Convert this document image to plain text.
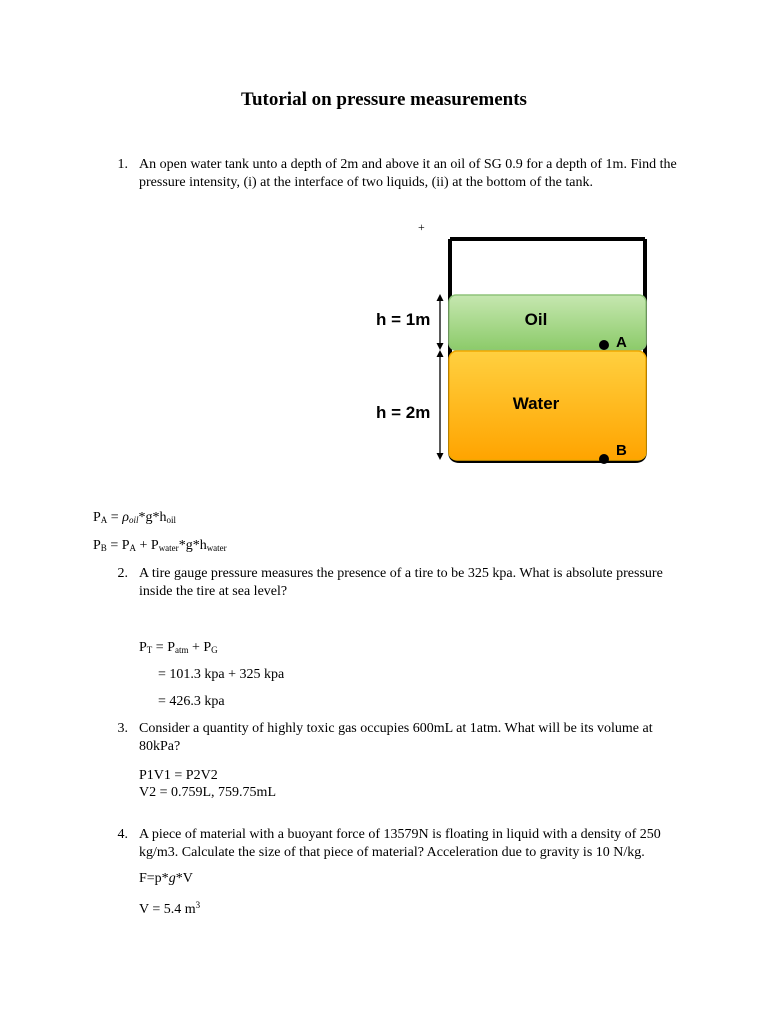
Tutorial on pressure measurements
1. An open water tank unto a depth of 2m and above it an oil of SG 0.9 for a depth of 1m. Find the pressure intensity, (i) at the interface of two liquids, (ii) at the bottom of the tank.
+
Oil
Water
A
B
h = 1m
h = 2m
$P_A = \rho_{oil}*g*h_{oil}$
$P_B = P_A + P_{water}*g*h_{water}$
2. A tire gauge pressure measures the presence of a tire to be 325 kpa. What is absolute pressure inside the tire at sea level?
$P_T = P_{atm} + P_G$
= 101.3 kpa + 325 kpa
= 426.3 kpa
3. Consider a quantity of highly toxic gas occupies 600mL at 1atm. What will be its volume at 80kPa?
P1V1 = P2V2
V2 = 0.759L, 759.75mL
4. A piece of material with a buoyant force of 13579N is floating in liquid with a density of 250 kg/m3. Calculate the size of that piece of material? Acceleration due to gravity is 10 N/kg.
F=p*g*V
V = 5.4 $m^3$
